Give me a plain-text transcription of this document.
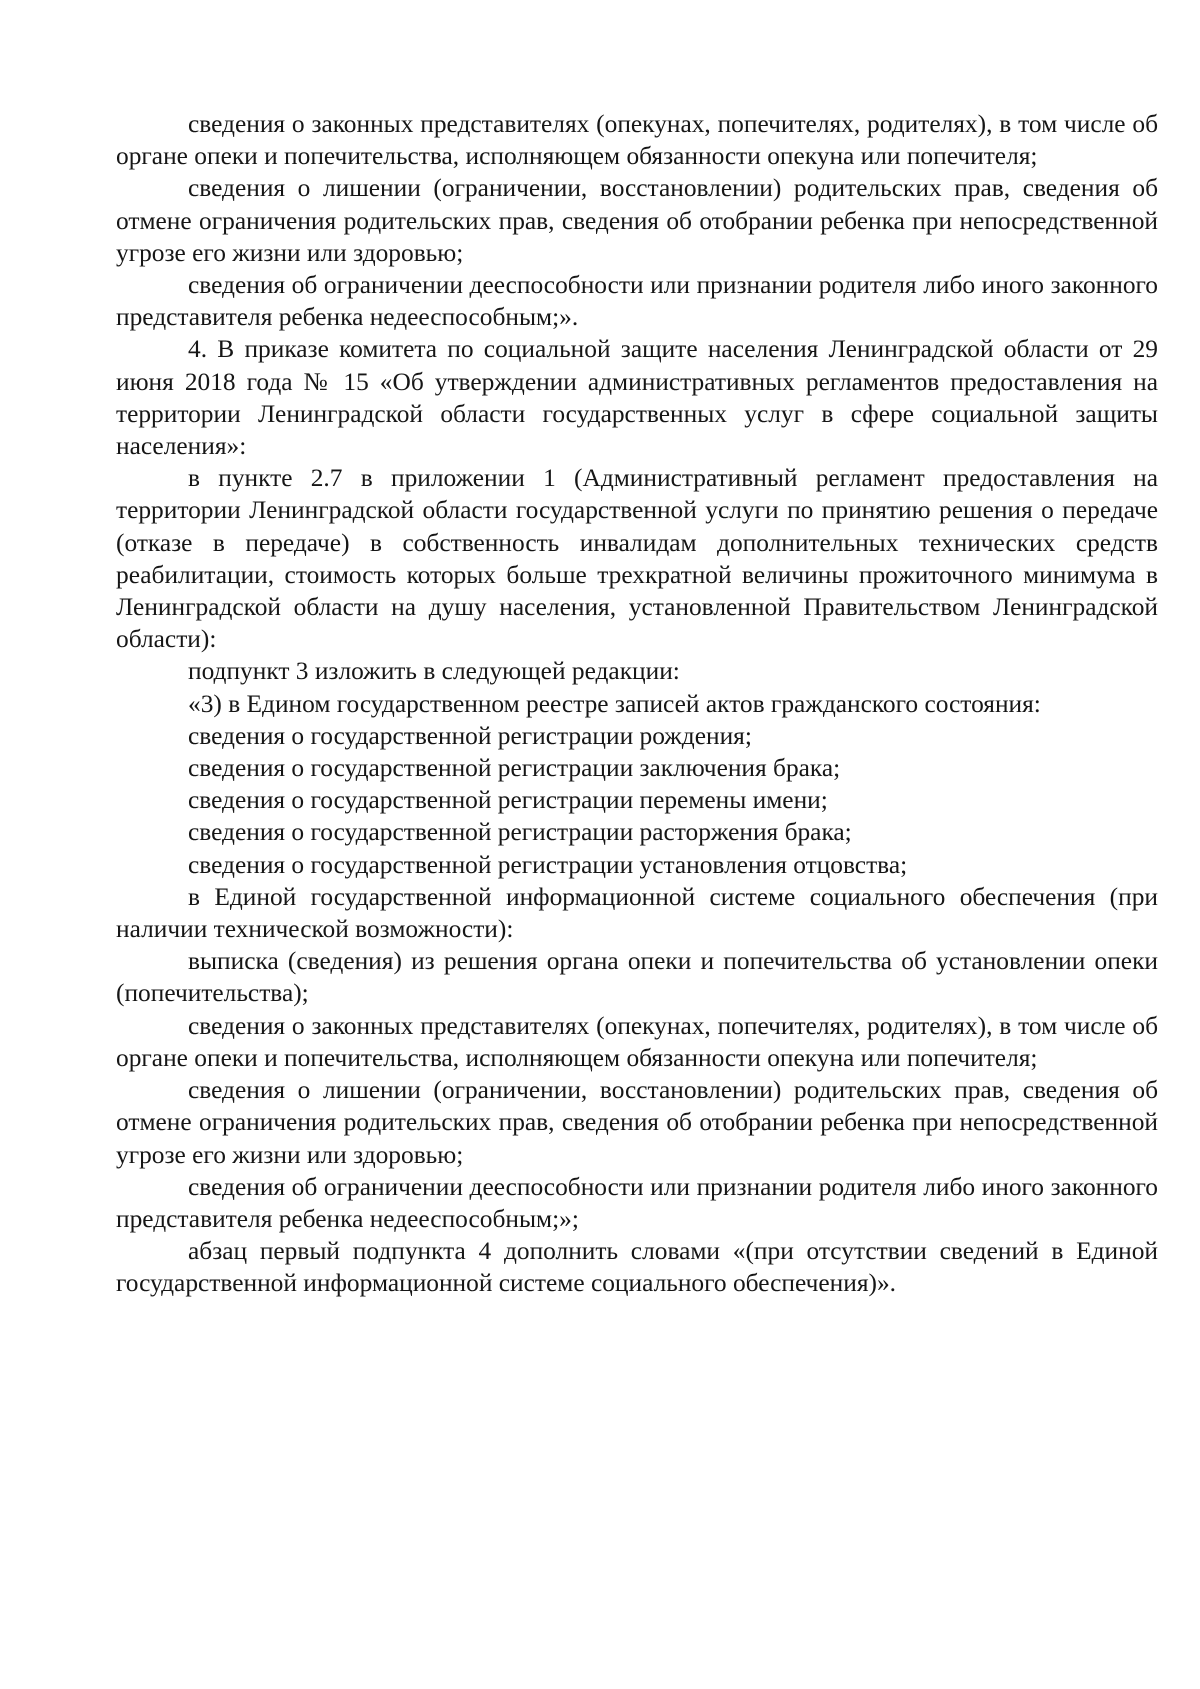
сведения о законных представителях (опекунах, попечителях, родителях), в том числе об органе опеки и попечительства, исполняющем обязанности опекуна или попечителя;

сведения о лишении (ограничении, восстановлении) родительских прав, сведения об отмене ограничения родительских прав, сведения об отобрании ребенка при непосредственной угрозе его жизни или здоровью;

сведения об ограничении дееспособности или признании родителя либо иного законного представителя ребенка недееспособным;».

4. В приказе комитета по социальной защите населения Ленинградской области от 29 июня 2018 года № 15 «Об утверждении административных регламентов предоставления на территории Ленинградской области государственных услуг в сфере социальной защиты населения»:

в пункте 2.7 в приложении 1 (Административный регламент предоставления на территории Ленинградской области государственной услуги по принятию решения о передаче (отказе в передаче) в собственность инвалидам дополнительных технических средств реабилитации, стоимость которых больше трехкратной величины прожиточного минимума в Ленинградской области на душу населения, установленной Правительством Ленинградской области):

подпункт 3 изложить в следующей редакции:

«3) в Едином государственном реестре записей актов гражданского состояния:

сведения о государственной регистрации рождения;

сведения о государственной регистрации заключения брака;

сведения о государственной регистрации перемены имени;

сведения о государственной регистрации расторжения брака;

сведения о государственной регистрации установления отцовства;

в Единой государственной информационной системе социального обеспечения (при наличии технической возможности):

выписка (сведения) из решения органа опеки и попечительства об установлении опеки (попечительства);

сведения о законных представителях (опекунах, попечителях, родителях), в том числе об органе опеки и попечительства, исполняющем обязанности опекуна или попечителя;

сведения о лишении (ограничении, восстановлении) родительских прав, сведения об отмене ограничения родительских прав, сведения об отобрании ребенка при непосредственной угрозе его жизни или здоровью;

сведения об ограничении дееспособности или признании родителя либо иного законного представителя ребенка недееспособным;»;

абзац первый подпункта 4 дополнить словами «(при отсутствии сведений в Единой государственной информационной системе социального обеспечения)».
